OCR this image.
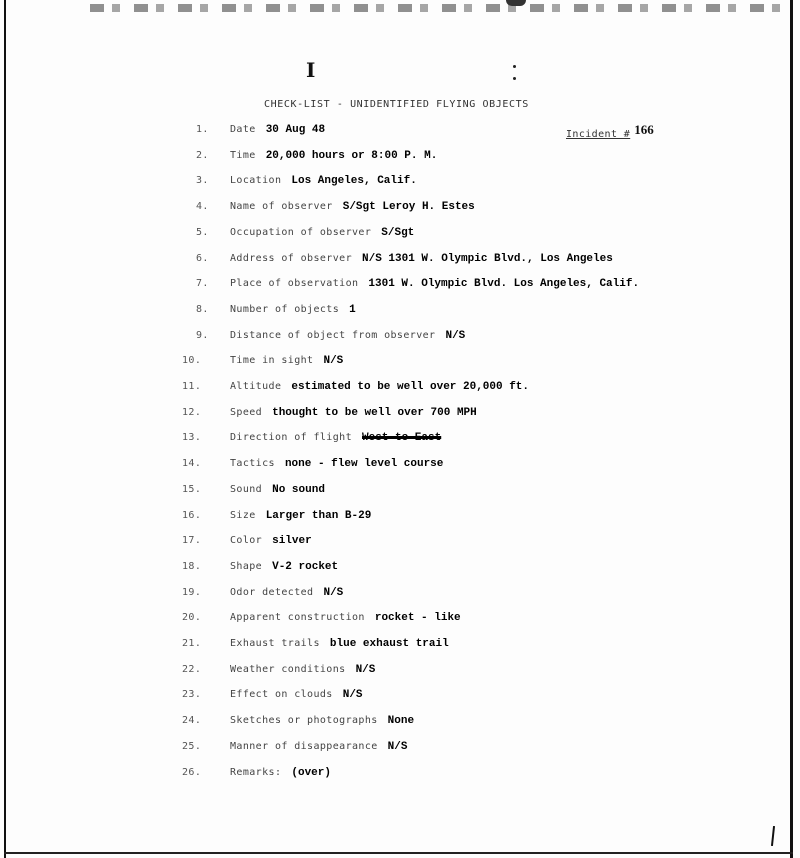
I
CHECK-LIST - UNIDENTIFIED FLYING OBJECTS
Incident # 166
1. Date 30 Aug 48
2. Time 20,000 hours or 8:00 P. M.
3. Location Los Angeles, Calif.
4. Name of observer S/Sgt Leroy H. Estes
5. Occupation of observer S/Sgt
6. Address of observer N/S 1301 W. Olympic Blvd., Los Angeles
7. Place of observation 1301 W. Olympic Blvd. Los Angeles, Calif.
8. Number of objects 1
9. Distance of object from observer N/S
10.	Time in sight N/S
11.	Altitude estimated to be well over 20,000 ft.
12.	Speed thought to be well over 700 MPH
13.	Direction of flight West to East
14.	Tactics none - flew level course
15.	Sound No sound
16.	Size Larger than B-29
17.	Color silver
18.	Shape V-2 rocket
19.	Odor detected N/S
20.	Apparent construction rocket - like
21.	Exhaust trails blue exhaust trail
22.	Weather conditions N/S
23.	Effect on clouds N/S
24.	Sketches or photographs None
25.	Manner of disappearance N/S
26.	Remarks: (over)
